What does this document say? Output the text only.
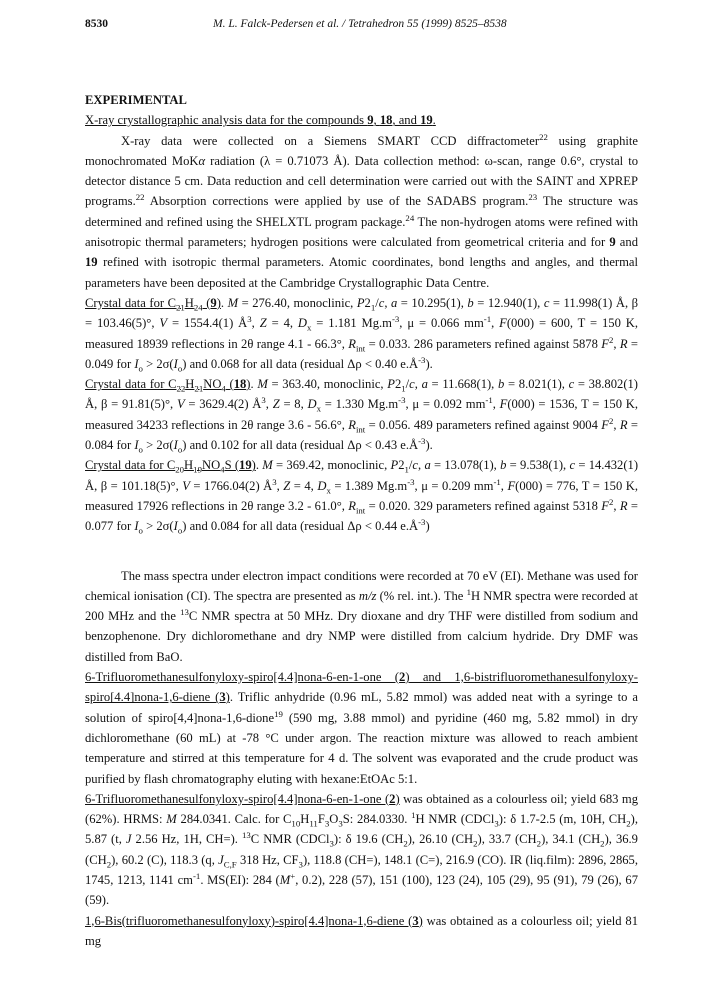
8530	M. L. Falck-Pedersen et al. / Tetrahedron 55 (1999) 8525–8538
EXPERIMENTAL

X-ray crystallographic analysis data for the compounds 9, 18, and 19.

X-ray data were collected on a Siemens SMART CCD diffractometer$^{22}$ using graphite monochromated MoKα radiation (λ = 0.71073 Å). Data collection method: ω-scan, range 0.6°, crystal to detector distance 5 cm. Data reduction and cell determination were carried out with the SAINT and XPREP programs.$^{22}$ Absorption corrections were applied by use of the SADABS program.$^{23}$ The structure was determined and refined using the SHELXTL program package.$^{24}$ The non-hydrogen atoms were refined with anisotropic thermal parameters; hydrogen positions were calculated from geometrical criteria and for 9 and 19 refined with isotropic thermal parameters. Atomic coordinates, bond lengths and angles, and thermal parameters have been deposited at the Cambridge Crystallographic Data Centre.

Crystal data for $C_{21}H_{24}$ (9). M = 276.40, monoclinic, $P2_1/c$, a = 10.295(1), b = 12.940(1), c = 11.998(1) Å, β = 103.46(5)°, V = 1554.4(1) $Å^3$, Z = 4, $D_x = 1.181$ $Mg.m^{-3}$, μ = 0.066 $mm^{-1}$, F(000) = 600, T = 150 K, measured 18939 reflections in 2θ range 4.1 - 66.3°, $R_{int} = 0.033$. 286 parameters refined against 5878 $F^2$, R = 0.049 for $I_o > 2\sigma(I_o)$ and 0.068 for all data (residual Δρ < 0.40 $e.Å^{-3}$).

Crystal data for $C_{22}H_{21}NO_4$ (18). M = 363.40, monoclinic, $P2_1/c$, a = 11.668(1), b = 8.021(1), c = 38.802(1) Å, β = 91.81(5)°, V = 3629.4(2) $Å^3$, Z = 8, $D_x = 1.330$ $Mg.m^{-3}$, μ = 0.092 $mm^{-1}$, F(000) = 1536, T = 150 K, measured 34233 reflections in 2θ range 3.6 - 56.6°, $R_{int} = 0.056$. 489 parameters refined against 9004 $F^2$, R = 0.084 for $I_o > 2\sigma(I_o)$ and 0.102 for all data (residual Δρ < 0.43 $e.Å^{-3}$).

Crystal data for $C_{20}H_{19}NO_4S$ (19). M = 369.42, monoclinic, $P2_1/c$, a = 13.078(1), b = 9.538(1), c = 14.432(1) Å, β = 101.18(5)°, V = 1766.04(2) $Å^3$, Z = 4, $D_x = 1.389$ $Mg.m^{-3}$, μ = 0.209 $mm^{-1}$, F(000) = 776, T = 150 K, measured 17926 reflections in 2θ range 3.2 - 61.0°, $R_{int} = 0.020$. 329 parameters refined against 5318 $F^2$, R = 0.077 for $I_o > 2\sigma(I_o)$ and 0.084 for all data (residual Δρ < 0.44 $e.Å^{-3}$)

The mass spectra under electron impact conditions were recorded at 70 eV (EI). Methane was used for chemical ionisation (CI). The spectra are presented as m/z (% rel. int.). The $^1$H NMR spectra were recorded at 200 MHz and the $^{13}$C NMR spectra at 50 MHz. Dry dioxane and dry THF were distilled from sodium and benzophenone. Dry dichloromethane and dry NMP were distilled from calcium hydride. Dry DMF was distilled from BaO.

6-Trifluoromethanesulfonyloxy-spiro[4.4]nona-6-en-1-one (2) and 1,6-bistrifluoromethanesulfonyloxy-spiro[4.4]nona-1,6-diene (3). Triflic anhydride (0.96 mL, 5.82 mmol) was added neat with a syringe to a solution of spiro[4,4]nona-1,6-dione$^{19}$ (590 mg, 3.88 mmol) and pyridine (460 mg, 5.82 mmol) in dry dichloromethane (60 mL) at -78 °C under argon. The reaction mixture was allowed to reach ambient temperature and stirred at this temperature for 4 d. The solvent was evaporated and the crude product was purified by flash chromatography eluting with hexane:EtOAc 5:1.

6-Trifluoromethanesulfonyloxy-spiro[4.4]nona-6-en-1-one (2) was obtained as a colourless oil; yield 683 mg (62%). HRMS: M 284.0341. Calc. for $C_{10}H_{11}F_3O_3S$: 284.0330. $^1$H NMR (CDCl$_3$): δ 1.7-2.5 (m, 10H, $CH_2$), 5.87 (t, J 2.56 Hz, 1H, CH=). $^{13}$C NMR (CDCl$_3$): δ 19.6 $(CH_2)$, 26.10 $(CH_2)$, 33.7 $(CH_2)$, 34.1 $(CH_2)$, 36.9 $(CH_2)$, 60.2 (C), 118.3 (q, $J_{C,F}$ 318 Hz, $CF_3$), 118.8 (CH=), 148.1 (C=), 216.9 (CO). IR (liq.film): 2896, 2865, 1745, 1213, 1141 $cm^{-1}$. MS(EI): 284 (M+, 0.2), 228 (57), 151 (100), 123 (24), 105 (29), 95 (91), 79 (26), 67 (59).

1,6-Bis(trifluoromethanesulfonyloxy)-spiro[4.4]nona-1,6-diene (3) was obtained as a colourless oil; yield 81 mg
